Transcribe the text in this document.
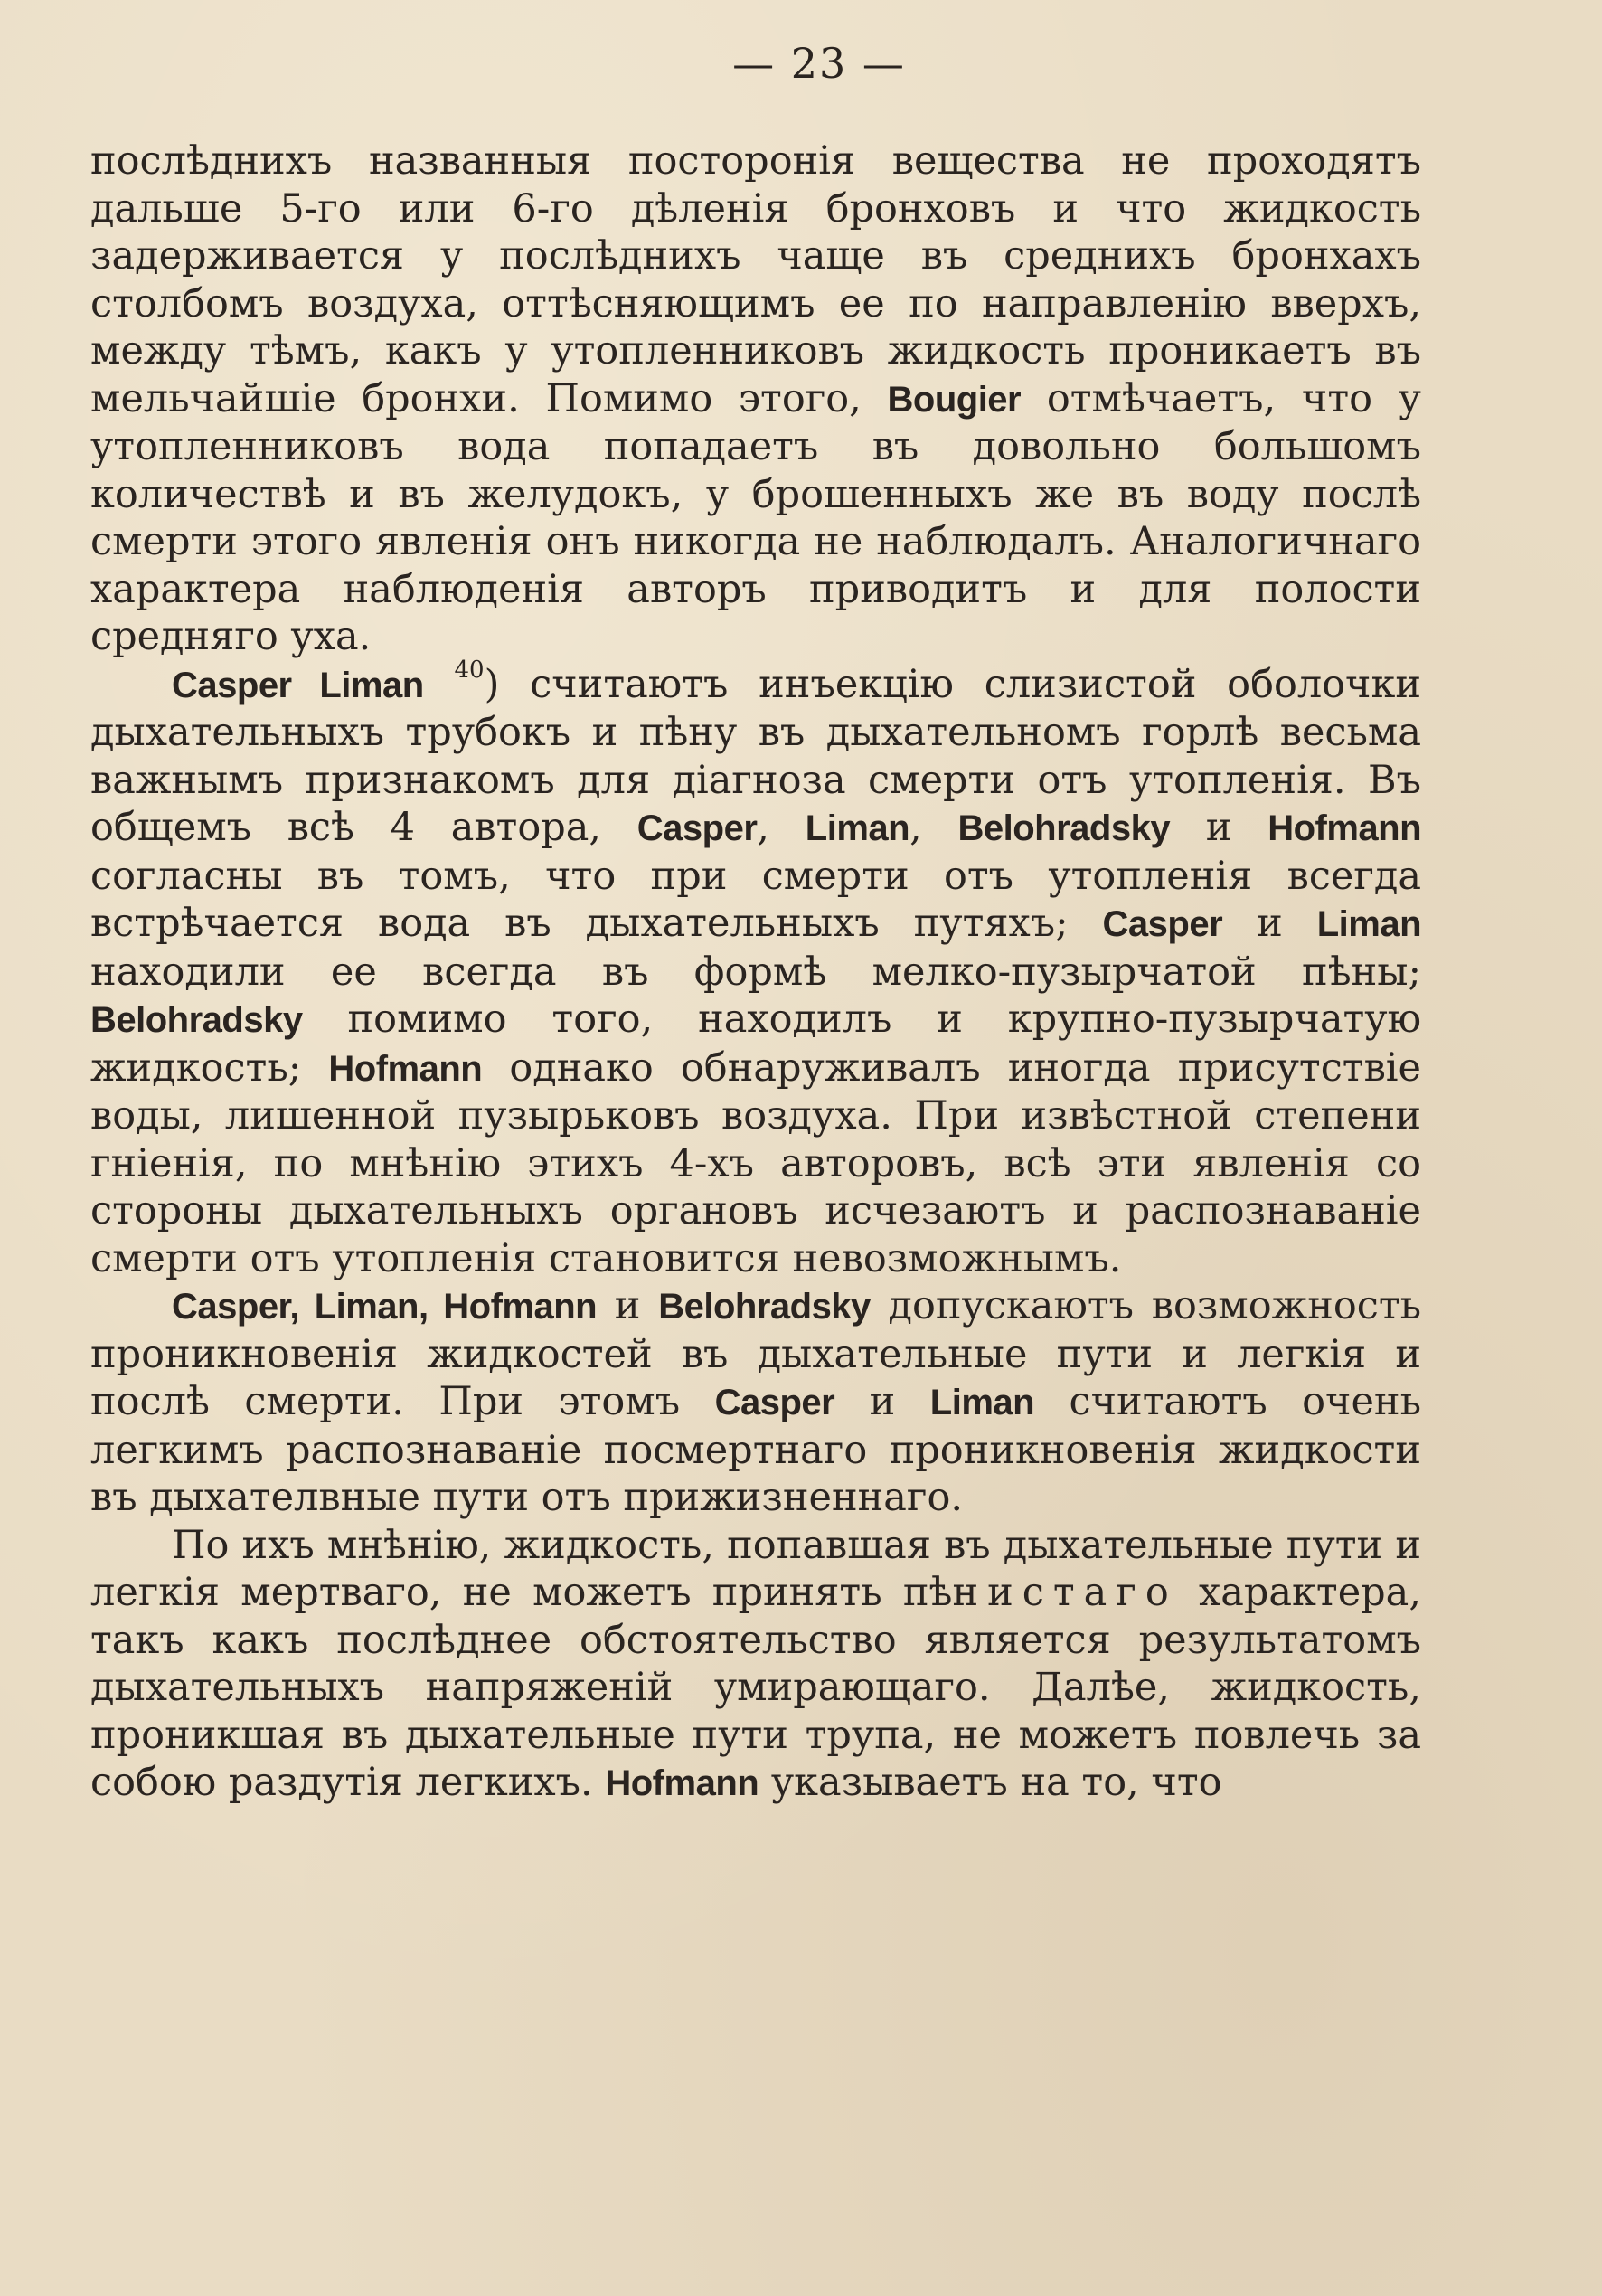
— 23 —

послѣднихъ названныя посторонія вещества не проходятъ дальше 5-го или 6-го дѣленія бронховъ и что жидкость задерживается у послѣднихъ чаще въ среднихъ бронхахъ столбомъ воздуха, оттѣсняющимъ ее по направленію вверхъ, между тѣмъ, какъ у утопленниковъ жидкость проникаетъ въ мельчайшіе бронхи. Помимо этого, Bougier отмѣчаетъ, что у утопленниковъ вода попадаетъ въ довольно большомъ количествѣ и въ желудокъ, у брошенныхъ же въ воду послѣ смерти этого явленія онъ никогда не наблюдалъ. Аналогичнаго характера наблюденія авторъ приводитъ и для полости средняго уха.

Casper Liman $^{40}$) считаютъ инъекцію слизистой оболочки дыхательныхъ трубокъ и пѣну въ дыхательномъ горлѣ весьма важнымъ признакомъ для діагноза смерти отъ утопленія. Въ общемъ всѣ 4 автора, Casper, Liman, Belohradsky и Hofmann согласны въ томъ, что при смерти отъ утопленія всегда встрѣчается вода въ дыхательныхъ путяхъ; Casper и Liman находили ее всегда въ формѣ мелко-пузырчатой пѣны; Belohradsky помимо того, находилъ и крупно-пузырчатую жидкость; Hofmann однако обнаруживалъ иногда присутствіе воды, лишенной пузырьковъ воздуха. При извѣстной степени гніенія, по мнѣнію этихъ 4-хъ авторовъ, всѣ эти явленія со стороны дыхательныхъ органовъ исчезаютъ и распознаваніе смерти отъ утопленія становится невозможнымъ.

Casper, Liman, Hofmann и Belohradsky допускаютъ возможность проникновенія жидкостей въ дыхательные пути и легкія и послѣ смерти. При этомъ Casper и Liman считаютъ очень легкимъ распознаваніе посмертнаго проникновенія жидкости въ дыхателвные пути отъ прижизненнаго.

По ихъ мнѣнію, жидкость, попавшая въ дыхательные пути и легкія мертваго, не можетъ принять пѣнистаго характера, такъ какъ послѣднее обстоятельство является результатомъ дыхательныхъ напряженій умирающаго. Далѣе, жидкость, проникшая въ дыхательные пути трупа, не можетъ повлечь за собою раздутія легкихъ. Hofmann указываетъ на то, что
